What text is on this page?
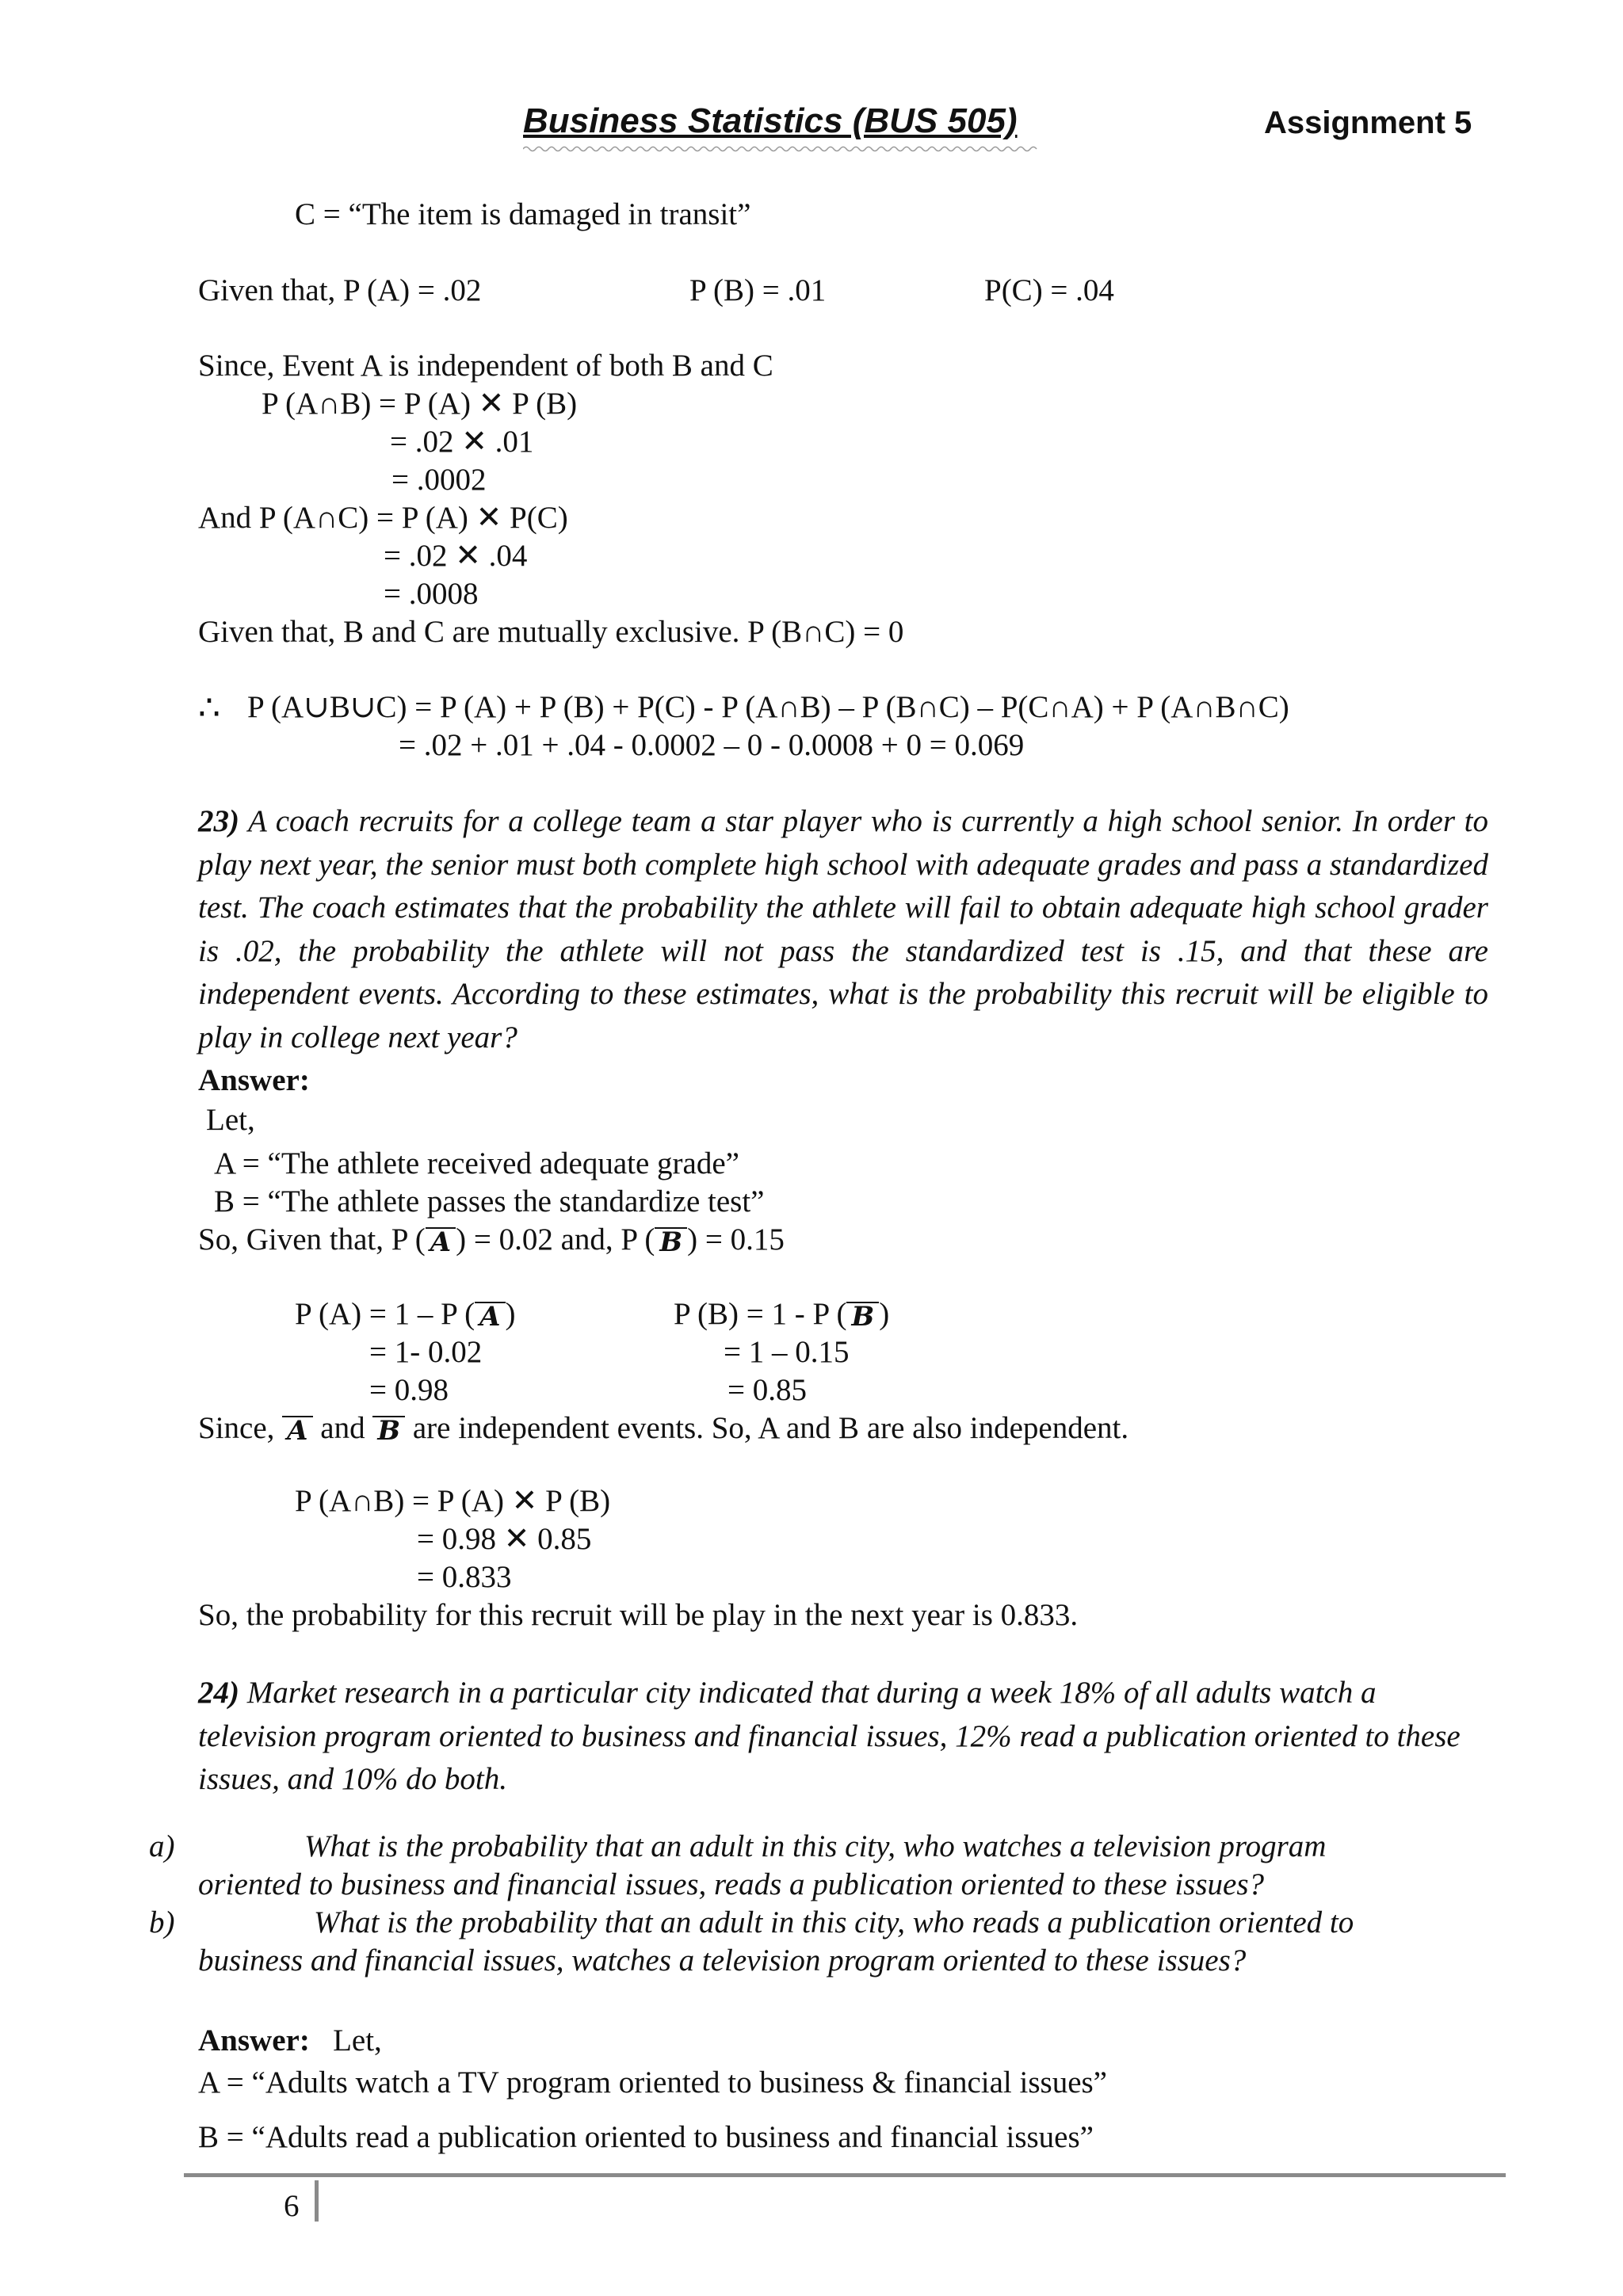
Business Statistics (BUS 505)	Assignment 5
C = “The item is damaged in transit”
Given that, P (A) = .02	P (B) = .01	P(C) = .04
Since, Event A is independent of both B and C
P (A∩B) = P (A) ✕ P (B)
= .02 ✕ .01
= .0002
And P (A∩C) = P (A) ✕ P(C)
= .02 ✕ .04
= .0008
Given that, B and C are mutually exclusive. P (B∩C) = 0
∴ P (A∪B∪C) = P (A) + P (B) + P(C) - P (A∩B) – P (B∩C) – P(C∩A) + P (A∩B∩C)
= .02 + .01 + .04 - 0.0002 – 0 - 0.0008 + 0 = 0.069
23) A coach recruits for a college team a star player who is currently a high school senior. In order to play next year, the senior must both complete high school with adequate grades and pass a standardized test. The coach estimates that the probability the athlete will fail to obtain adequate high school grader is .02, the probability the athlete will not pass the standardized test is .15, and that these are independent events. According to these estimates, what is the probability this recruit will be eligible to play in college next year?
Answer:
Let,
A = “The athlete received adequate grade”
B = “The athlete passes the standardize test”
So, Given that, P ( A ) = 0.02 and, P ( B ) = 0.15
P (A) = 1 – P ( A )
= 1- 0.02
= 0.98
P (B) = 1 - P ( B )
= 1 – 0.15
= 0.85
Since, A and B are independent events. So, A and B are also independent.
P (A∩B) = P (A) ✕ P (B)
= 0.98 ✕ 0.85
= 0.833
So, the probability for this recruit will be play in the next year is 0.833.
24) Market research in a particular city indicated that during a week 18% of all adults watch a television program oriented to business and financial issues, 12% read a publication oriented to these issues, and 10% do both.
a)	What is the probability that an adult in this city, who watches a television program
oriented to business and financial issues, reads a publication oriented to these issues?
b)	What is the probability that an adult in this city, who reads a publication oriented to
business and financial issues, watches a television program oriented to these issues?
Answer: Let,
A = “Adults watch a TV program oriented to business & financial issues”
B = “Adults read a publication oriented to business and financial issues”
6
